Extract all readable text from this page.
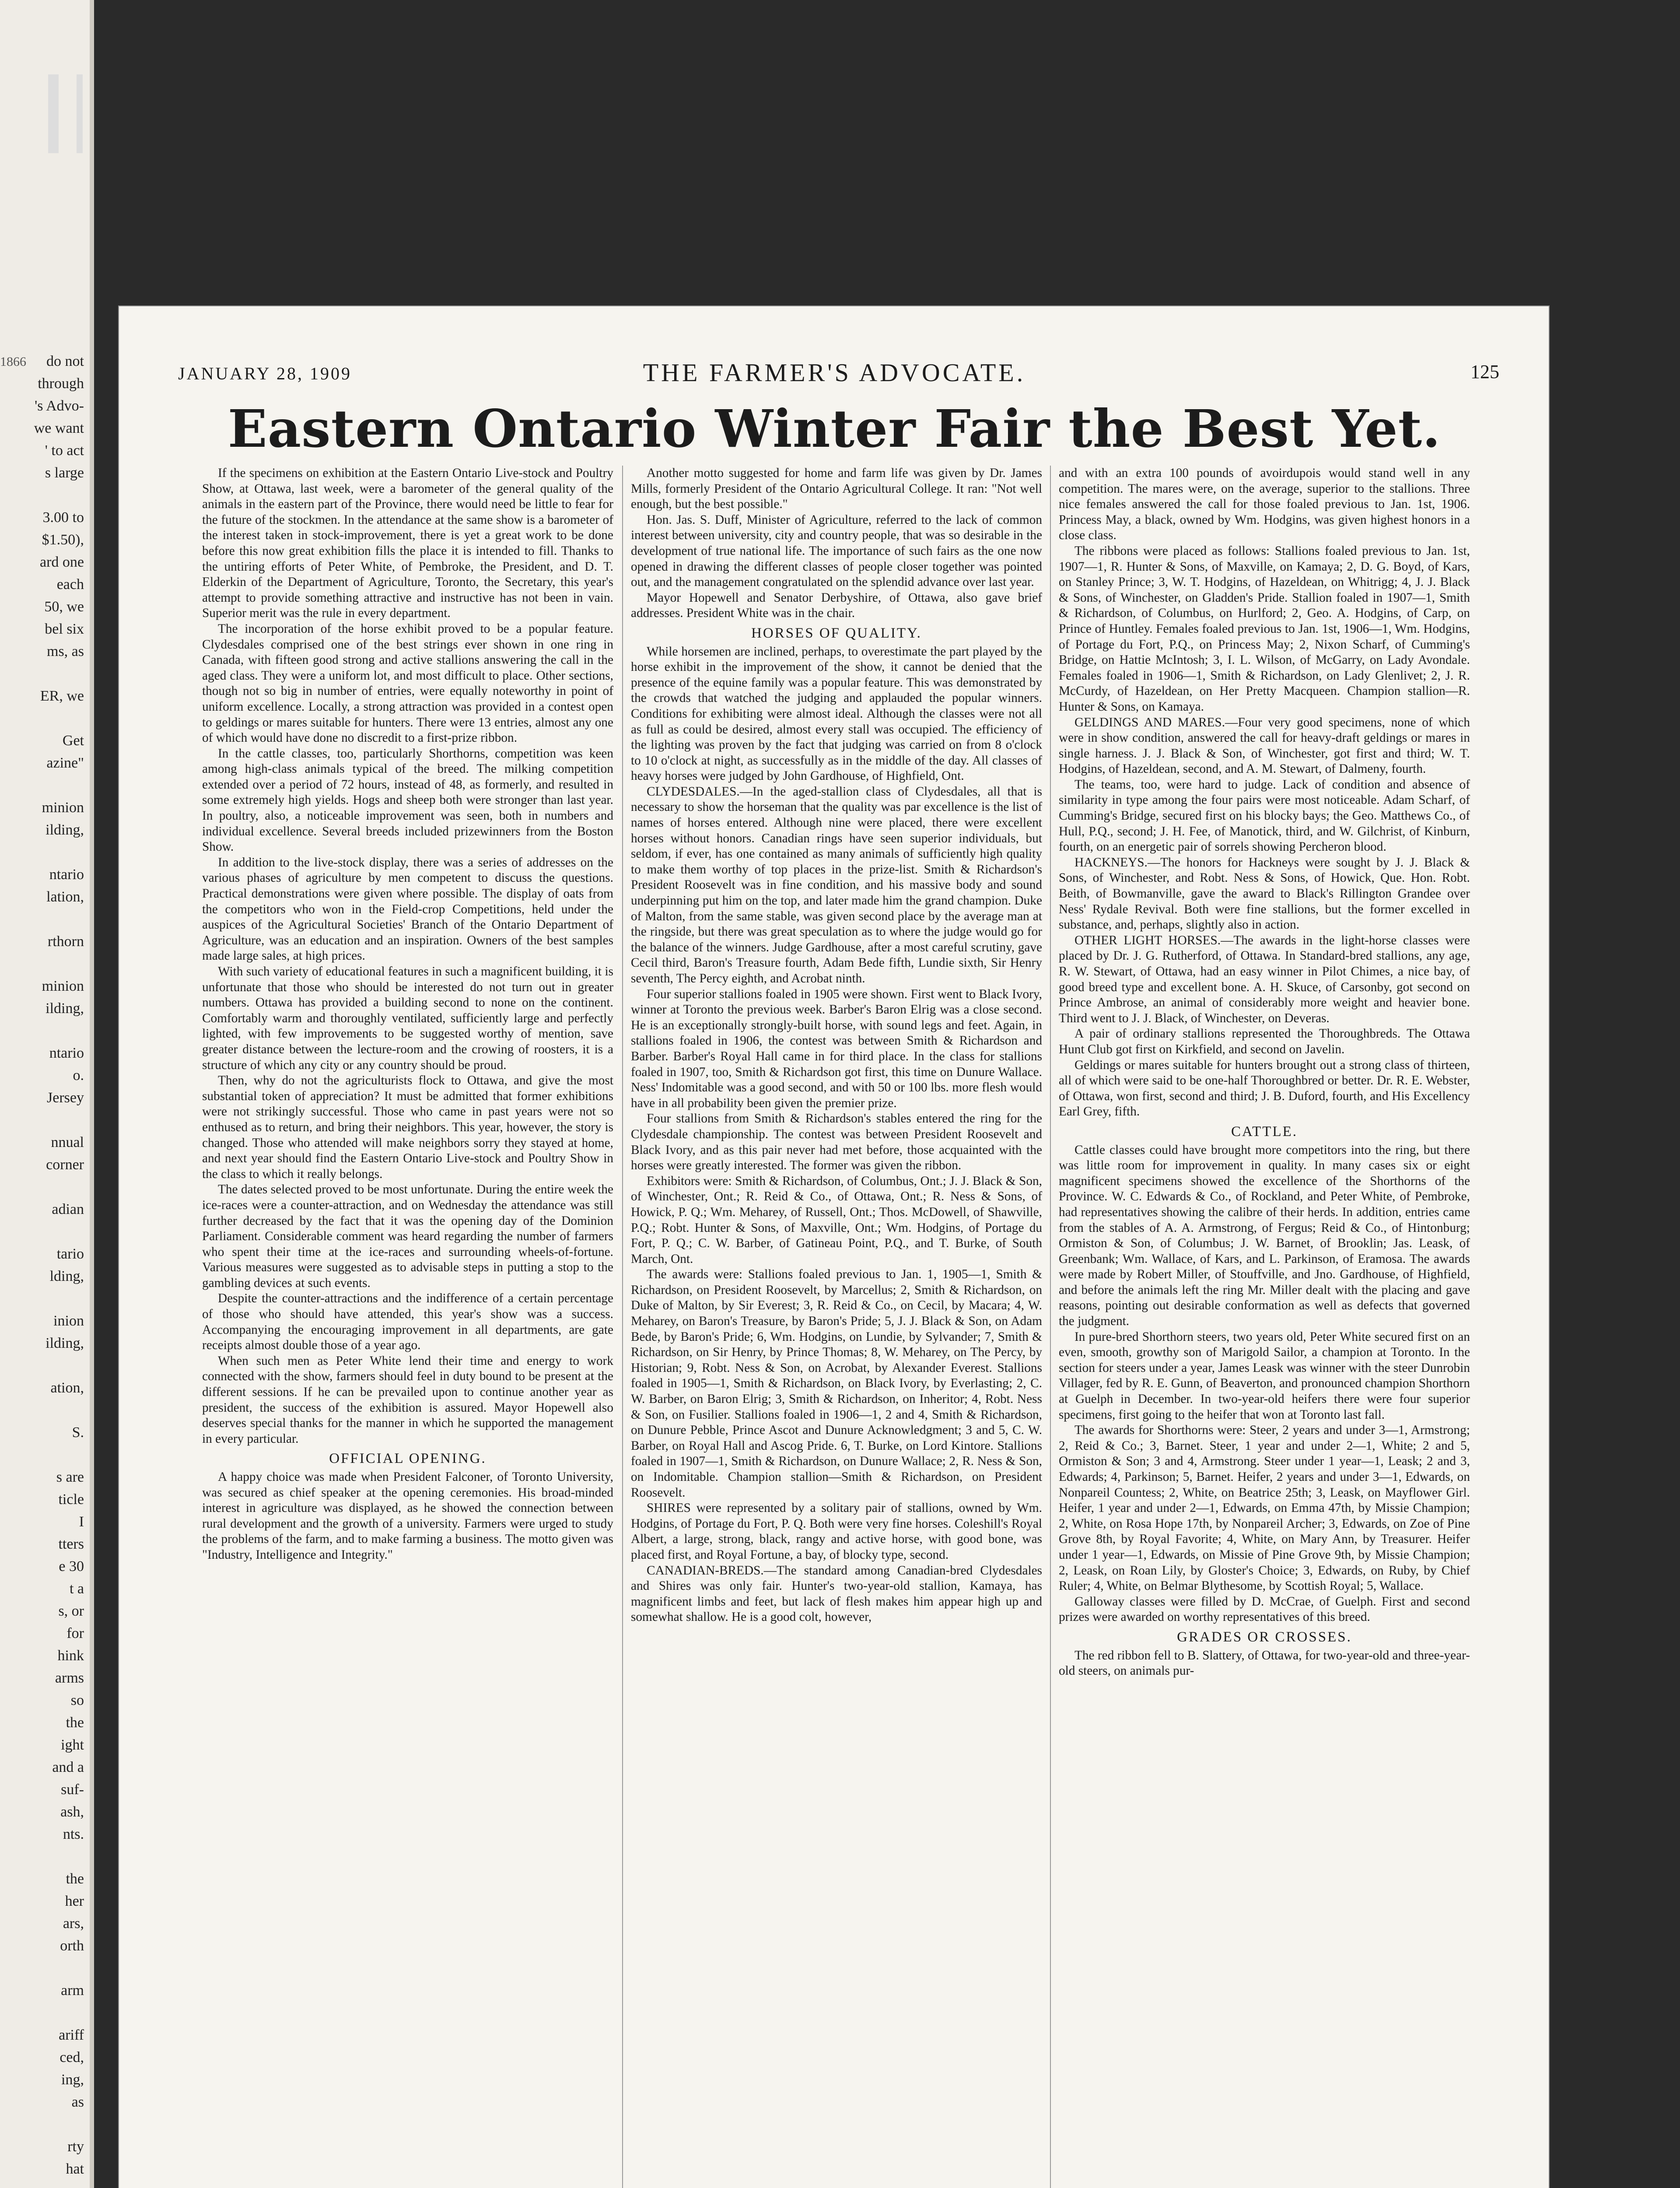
1866	do not
through
's Advo-
we want
' to act
s large

3.00 to
$1.50),
ard one
each
50, we
bel six
ms, as

ER, we

Get
azine"

minion
ilding,

ntario
lation,

rthorn

minion
ilding,

ntario
o.
Jersey

nnual
corner

adian

tario
lding,

inion
ilding,

ation,

S.

s are
ticle
I
tters
e 30
t a
s, or
for
hink
arms
so
the
ight
and a
suf-
ash,
nts.

the
her
ars,
orth

arm

ariff
ced,
ing,
as

rty
hat

THE FARMER'S ADVOCATE.
JANUARY 28, 1909	125
Eastern Ontario Winter Fair the Best Yet.

If the specimens on exhibition at the Eastern Ontario Live-stock and Poultry Show, at Ottawa, last week, were a barometer of the general quality of the animals in the eastern part of the Province, there would need be little to fear for the future of the stockmen. In the attendance at the same show is a barometer of the interest taken in stock-improvement, there is yet a great work to be done before this now great exhibition fills the place it is intended to fill. Thanks to the untiring efforts of Peter White, of Pembroke, the President, and D. T. Elderkin of the Department of Agriculture, Toronto, the Secretary, this year's attempt to provide something attractive and instructive has not been in vain. Superior merit was the rule in every department.

The incorporation of the horse exhibit proved to be a popular feature. Clydesdales comprised one of the best strings ever shown in one ring in Canada, with fifteen good strong and active stallions answering the call in the aged class. They were a uniform lot, and most difficult to place. Other sections, though not so big in number of entries, were equally noteworthy in point of uniform excellence. Locally, a strong attraction was provided in a contest open to geldings or mares suitable for hunters. There were 13 entries, almost any one of which would have done no discredit to a first-prize ribbon.

In the cattle classes, too, particularly Shorthorns, competition was keen among high-class animals typical of the breed. The milking competition extended over a period of 72 hours, instead of 48, as formerly, and resulted in some extremely high yields. Hogs and sheep both were stronger than last year. In poultry, also, a noticeable improvement was seen, both in numbers and individual excellence. Several breeds included prizewinners from the Boston Show.

In addition to the live-stock display, there was a series of addresses on the various phases of agriculture by men competent to discuss the questions. Practical demonstrations were given where possible. The display of oats from the competitors who won in the Field-crop Competitions, held under the auspices of the Agricultural Societies' Branch of the Ontario Department of Agriculture, was an education and an inspiration. Owners of the best samples made large sales, at high prices.

With such variety of educational features in such a magnificent building, it is unfortunate that those who should be interested do not turn out in greater numbers. Ottawa has provided a building second to none on the continent. Comfortably warm and thoroughly ventilated, sufficiently large and perfectly lighted, with few improvements to be suggested worthy of mention, save greater distance between the lecture-room and the crowing of roosters, it is a structure of which any city or any country should be proud.

Then, why do not the agriculturists flock to Ottawa, and give the most substantial token of appreciation? It must be admitted that former exhibitions were not strikingly successful. Those who came in past years were not so enthused as to return, and bring their neighbors. This year, however, the story is changed. Those who attended will make neighbors sorry they stayed at home, and next year should find the Eastern Ontario Live-stock and Poultry Show in the class to which it really belongs.

The dates selected proved to be most unfortunate. During the entire week the ice-races were a counter-attraction, and on Wednesday the attendance was still further decreased by the fact that it was the opening day of the Dominion Parliament. Considerable comment was heard regarding the number of farmers who spent their time at the ice-races and surrounding wheels-of-fortune. Various measures were suggested as to advisable steps in putting a stop to the gambling devices at such events.

Despite the counter-attractions and the indifference of a certain percentage of those who should have attended, this year's show was a success. Accompanying the encouraging improvement in all departments, are gate receipts almost double those of a year ago.

When such men as Peter White lend their time and energy to work connected with the show, farmers should feel in duty bound to be present at the different sessions. If he can be prevailed upon to continue another year as president, the success of the exhibition is assured. Mayor Hopewell also deserves special thanks for the manner in which he supported the management in every particular.

OFFICIAL OPENING.

A happy choice was made when President Falconer, of Toronto University, was secured as chief speaker at the opening ceremonies. His broad-minded interest in agriculture was displayed, as he showed the connection between rural development and the growth of a university. Farmers were urged to study the problems of the farm, and to make farming a business. The motto given was "Industry, Intelligence and Integrity."

Another motto suggested for home and farm life was given by Dr. James Mills, formerly President of the Ontario Agricultural College. It ran: "Not well enough, but the best possible."

Hon. Jas. S. Duff, Minister of Agriculture, referred to the lack of common interest between university, city and country people, that was so desirable in the development of true national life. The importance of such fairs as the one now opened in drawing the different classes of people closer together was pointed out, and the management congratulated on the splendid advance over last year.

Mayor Hopewell and Senator Derbyshire, of Ottawa, also gave brief addresses. President White was in the chair.

HORSES OF QUALITY.

While horsemen are inclined, perhaps, to overestimate the part played by the horse exhibit in the improvement of the show, it cannot be denied that the presence of the equine family was a popular feature. This was demonstrated by the crowds that watched the judging and applauded the popular winners. Conditions for exhibiting were almost ideal. Although the classes were not all as full as could be desired, almost every stall was occupied. The efficiency of the lighting was proven by the fact that judging was carried on from 8 o'clock to 10 o'clock at night, as successfully as in the middle of the day. All classes of heavy horses were judged by John Gardhouse, of Highfield, Ont.

CLYDESDALES.—In the aged-stallion class of Clydesdales, all that is necessary to show the horseman that the quality was par excellence is the list of names of horses entered. Although nine were placed, there were excellent horses without honors. Canadian rings have seen superior individuals, but seldom, if ever, has one contained as many animals of sufficiently high quality to make them worthy of top places in the prize-list. Smith & Richardson's President Roosevelt was in fine condition, and his massive body and sound underpinning put him on the top, and later made him the grand champion. Duke of Malton, from the same stable, was given second place by the average man at the ringside, but there was great speculation as to where the judge would go for the balance of the winners. Judge Gardhouse, after a most careful scrutiny, gave Cecil third, Baron's Treasure fourth, Adam Bede fifth, Lundie sixth, Sir Henry seventh, The Percy eighth, and Acrobat ninth.

Four superior stallions foaled in 1905 were shown. First went to Black Ivory, winner at Toronto the previous week. Barber's Baron Elrig was a close second. He is an exceptionally strongly-built horse, with sound legs and feet. Again, in stallions foaled in 1906, the contest was between Smith & Richardson and Barber. Barber's Royal Hall came in for third place. In the class for stallions foaled in 1907, too, Smith & Richardson got first, this time on Dunure Wallace. Ness' Indomitable was a good second, and with 50 or 100 lbs. more flesh would have in all probability been given the premier prize.

Four stallions from Smith & Richardson's stables entered the ring for the Clydesdale championship. The contest was between President Roosevelt and Black Ivory, and as this pair never had met before, those acquainted with the horses were greatly interested. The former was given the ribbon.

Exhibitors were: Smith & Richardson, of Columbus, Ont.; J. J. Black & Son, of Winchester, Ont.; R. Reid & Co., of Ottawa, Ont.; R. Ness & Sons, of Howick, P. Q.; Wm. Meharey, of Russell, Ont.; Thos. McDowell, of Shawville, P.Q.; Robt. Hunter & Sons, of Maxville, Ont.; Wm. Hodgins, of Portage du Fort, P. Q.; C. W. Barber, of Gatineau Point, P.Q., and T. Burke, of South March, Ont.

The awards were: Stallions foaled previous to Jan. 1, 1905—1, Smith & Richardson, on President Roosevelt, by Marcellus; 2, Smith & Richardson, on Duke of Malton, by Sir Everest; 3, R. Reid & Co., on Cecil, by Macara; 4, W. Meharey, on Baron's Treasure, by Baron's Pride; 5, J. J. Black & Son, on Adam Bede, by Baron's Pride; 6, Wm. Hodgins, on Lundie, by Sylvander; 7, Smith & Richardson, on Sir Henry, by Prince Thomas; 8, W. Meharey, on The Percy, by Historian; 9, Robt. Ness & Son, on Acrobat, by Alexander Everest. Stallions foaled in 1905—1, Smith & Richardson, on Black Ivory, by Everlasting; 2, C. W. Barber, on Baron Elrig; 3, Smith & Richardson, on Inheritor; 4, Robt. Ness & Son, on Fusilier. Stallions foaled in 1906—1, 2 and 4, Smith & Richardson, on Dunure Pebble, Prince Ascot and Dunure Acknowledgment; 3 and 5, C. W. Barber, on Royal Hall and Ascog Pride. 6, T. Burke, on Lord Kintore. Stallions foaled in 1907—1, Smith & Richardson, on Dunure Wallace; 2, R. Ness & Son, on Indomitable. Champion stallion—Smith & Richardson, on President Roosevelt.

SHIRES were represented by a solitary pair of stallions, owned by Wm. Hodgins, of Portage du Fort, P. Q. Both were very fine horses. Coleshill's Royal Albert, a large, strong, black, rangy and active horse, with good bone, was placed first, and Royal Fortune, a bay, of blocky type, second.

CANADIAN-BREDS.—The standard among Canadian-bred Clydesdales and Shires was only fair. Hunter's two-year-old stallion, Kamaya, has magnificent limbs and feet, but lack of flesh makes him appear high up and somewhat shallow. He is a good colt, however,

and with an extra 100 pounds of avoirdupois would stand well in any competition. The mares were, on the average, superior to the stallions. Three nice females answered the call for those foaled previous to Jan. 1st, 1906. Princess May, a black, owned by Wm. Hodgins, was given highest honors in a close class.

The ribbons were placed as follows: Stallions foaled previous to Jan. 1st, 1907—1, R. Hunter & Sons, of Maxville, on Kamaya; 2, D. G. Boyd, of Kars, on Stanley Prince; 3, W. T. Hodgins, of Hazeldean, on Whitrigg; 4, J. J. Black & Sons, of Winchester, on Gladden's Pride. Stallion foaled in 1907—1, Smith & Richardson, of Columbus, on Hurlford; 2, Geo. A. Hodgins, of Carp, on Prince of Huntley. Females foaled previous to Jan. 1st, 1906—1, Wm. Hodgins, of Portage du Fort, P.Q., on Princess May; 2, Nixon Scharf, of Cumming's Bridge, on Hattie McIntosh; 3, I. L. Wilson, of McGarry, on Lady Avondale. Females foaled in 1906—1, Smith & Richardson, on Lady Glenlivet; 2, J. R. McCurdy, of Hazeldean, on Her Pretty Macqueen. Champion stallion—R. Hunter & Sons, on Kamaya.

GELDINGS AND MARES.—Four very good specimens, none of which were in show condition, answered the call for heavy-draft geldings or mares in single harness. J. J. Black & Son, of Winchester, got first and third; W. T. Hodgins, of Hazeldean, second, and A. M. Stewart, of Dalmeny, fourth.

The teams, too, were hard to judge. Lack of condition and absence of similarity in type among the four pairs were most noticeable. Adam Scharf, of Cumming's Bridge, secured first on his blocky bays; the Geo. Matthews Co., of Hull, P.Q., second; J. H. Fee, of Manotick, third, and W. Gilchrist, of Kinburn, fourth, on an energetic pair of sorrels showing Percheron blood.

HACKNEYS.—The honors for Hackneys were sought by J. J. Black & Sons, of Winchester, and Robt. Ness & Sons, of Howick, Que. Hon. Robt. Beith, of Bowmanville, gave the award to Black's Rillington Grandee over Ness' Rydale Revival. Both were fine stallions, but the former excelled in substance, and, perhaps, slightly also in action.

OTHER LIGHT HORSES.—The awards in the light-horse classes were placed by Dr. J. G. Rutherford, of Ottawa. In Standard-bred stallions, any age, R. W. Stewart, of Ottawa, had an easy winner in Pilot Chimes, a nice bay, of good breed type and excellent bone. A. H. Skuce, of Carsonby, got second on Prince Ambrose, an animal of considerably more weight and heavier bone. Third went to J. J. Black, of Winchester, on Deveras.

A pair of ordinary stallions represented the Thoroughbreds. The Ottawa Hunt Club got first on Kirkfield, and second on Javelin.

Geldings or mares suitable for hunters brought out a strong class of thirteen, all of which were said to be one-half Thoroughbred or better. Dr. R. E. Webster, of Ottawa, won first, second and third; J. B. Duford, fourth, and His Excellency Earl Grey, fifth.

CATTLE.

Cattle classes could have brought more competitors into the ring, but there was little room for improvement in quality. In many cases six or eight magnificent specimens showed the excellence of the Shorthorns of the Province. W. C. Edwards & Co., of Rockland, and Peter White, of Pembroke, had representatives showing the calibre of their herds. In addition, entries came from the stables of A. A. Armstrong, of Fergus; Reid & Co., of Hintonburg; Ormiston & Son, of Columbus; J. W. Barnet, of Brooklin; Jas. Leask, of Greenbank; Wm. Wallace, of Kars, and L. Parkinson, of Eramosa. The awards were made by Robert Miller, of Stouffville, and Jno. Gardhouse, of Highfield, and before the animals left the ring Mr. Miller dealt with the placing and gave reasons, pointing out desirable conformation as well as defects that governed the judgment.

In pure-bred Shorthorn steers, two years old, Peter White secured first on an even, smooth, growthy son of Marigold Sailor, a champion at Toronto. In the section for steers under a year, James Leask was winner with the steer Dunrobin Villager, fed by R. E. Gunn, of Beaverton, and pronounced champion Shorthorn at Guelph in December. In two-year-old heifers there were four superior specimens, first going to the heifer that won at Toronto last fall.

The awards for Shorthorns were: Steer, 2 years and under 3—1, Armstrong; 2, Reid & Co.; 3, Barnet. Steer, 1 year and under 2—1, White; 2 and 5, Ormiston & Son; 3 and 4, Armstrong. Steer under 1 year—1, Leask; 2 and 3, Edwards; 4, Parkinson; 5, Barnet. Heifer, 2 years and under 3—1, Edwards, on Nonpareil Countess; 2, White, on Beatrice 25th; 3, Leask, on Mayflower Girl. Heifer, 1 year and under 2—1, Edwards, on Emma 47th, by Missie Champion; 2, White, on Rosa Hope 17th, by Nonpareil Archer; 3, Edwards, on Zoe of Pine Grove 8th, by Royal Favorite; 4, White, on Mary Ann, by Treasurer. Heifer under 1 year—1, Edwards, on Missie of Pine Grove 9th, by Missie Champion; 2, Leask, on Roan Lily, by Gloster's Choice; 3, Edwards, on Ruby, by Chief Ruler; 4, White, on Belmar Blythesome, by Scottish Royal; 5, Wallace.

Galloway classes were filled by D. McCrae, of Guelph. First and second prizes were awarded on worthy representatives of this breed.

GRADES OR CROSSES.

The red ribbon fell to B. Slattery, of Ottawa, for two-year-old and three-year-old steers, on animals pur-
